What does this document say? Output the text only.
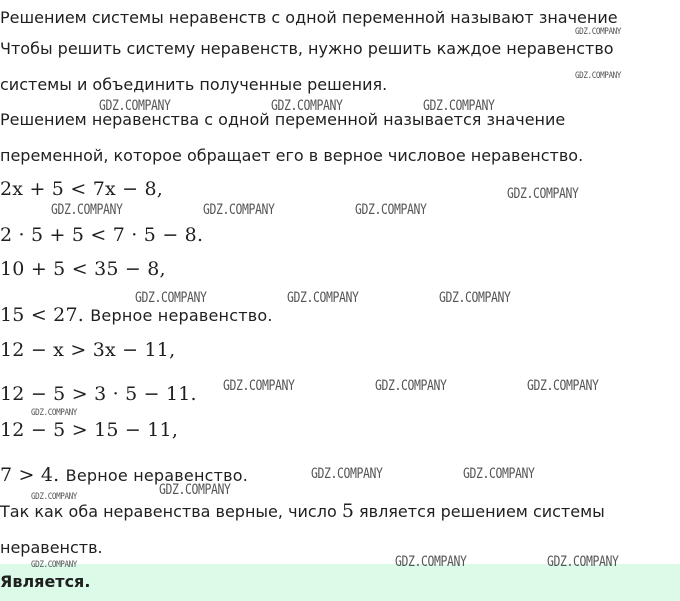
Решением системы неравенств с одной переменной называют значение
Чтобы решить систему неравенств, нужно решить каждое неравенство
системы и объединить полученные решения.
Решением неравенства с одной переменной называется значение
переменной, которое обращает его в верное числовое неравенство.
2x + 5 < 7x − 8,
2 · 5 + 5 < 7 · 5 − 8.
10 + 5 < 35 − 8,
15 < 27. Верное неравенство.
12 − x > 3x − 11,
12 − 5 > 3 · 5 − 11.
12 − 5 > 15 − 11,
7 > 4. Верное неравенство.
Так как оба неравенства верные, число 5 является решением системы
неравенств.
Является.
GDZ.COMPANY	GDZ.COMPANY	GDZ.COMPANY
GDZ.COMPANY
GDZ.COMPANY	GDZ.COMPANY	GDZ.COMPANY
GDZ.COMPANY	GDZ.COMPANY	GDZ.COMPANY
GDZ.COMPANY	GDZ.COMPANY	GDZ.COMPANY
GDZ.COMPANY	GDZ.COMPANY
GDZ.COMPANY
GDZ.COMPANY	GDZ.COMPANY
GDZ.COMPANY
GDZ.COMPANY
GDZ.COMPANY
GDZ.COMPANY
GDZ.COMPANY
